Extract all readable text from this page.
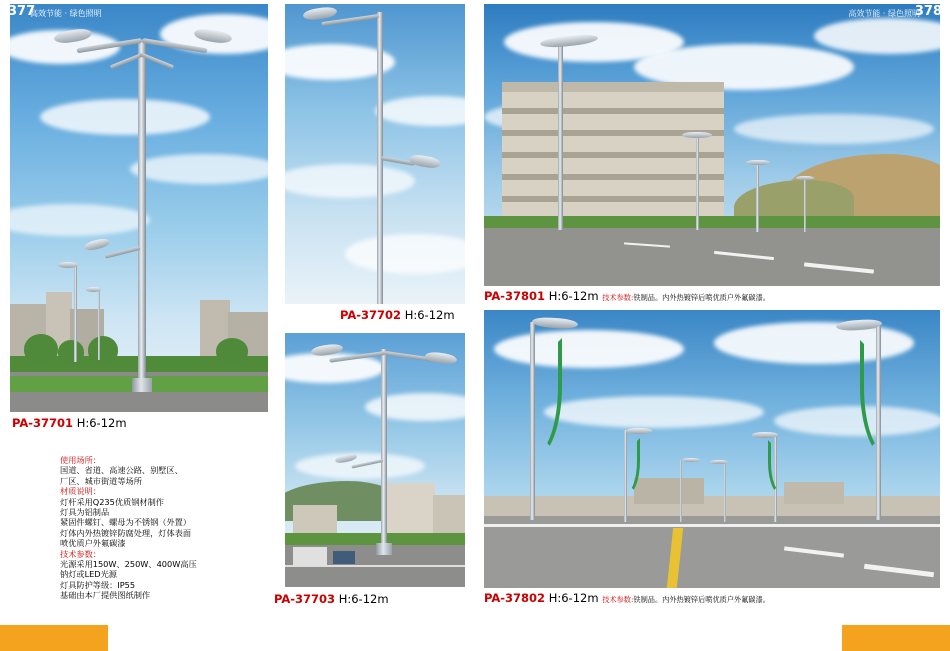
PA-37701 H:6-12m
PA-37702 H:6-12m
PA-37703 H:6-12m
PA-37801 H:6-12m 技术参数:铁制品。内外热镀锌后喷优质户外氟碳漆。
PA-37802 H:6-12m 技术参数:铁制品。内外热镀锌后喷优质户外氟碳漆。

使用场所：

国道、省道、高速公路、别墅区、

厂区、城市街道等场所

材质说明：

灯杆采用Q235优质钢材制作

灯具为铝制品

紧固件螺钉、螺母为不锈钢（外置）

灯体内外热镀锌防腐处理，灯体表面

喷优质户外氟碳漆

技术参数：

光源采用150W、250W、400W高压

钠灯或LED光源

灯具防护等级：IP55

基础由本厂提供图纸制作

377
高效节能 · 绿色照明	378
高效节能 · 绿色照明
